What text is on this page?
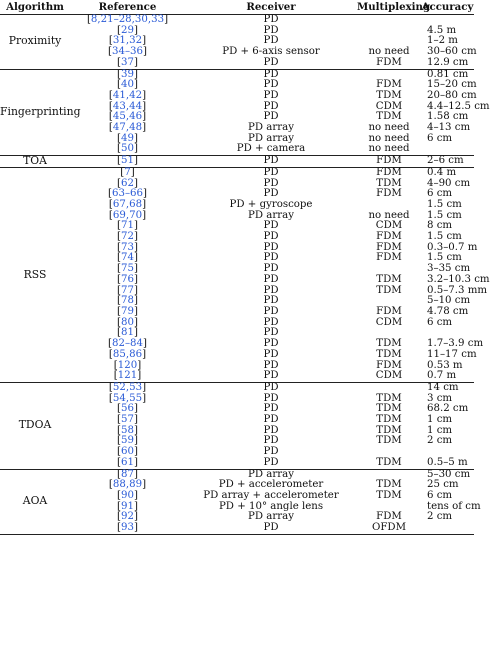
Algorithm	Reference	Receiver	Multiplexing	Accuracy
Proximity	[8,21–28,30,33]	PD		
	[29]	PD		4.5 m
	[31,32]	PD		1–2 m
	[34–36]	PD + 6-axis sensor	no need	30–60 cm
	[37]	PD	FDM	12.9 cm
Fingerprinting	[39]	PD		0.81 cm
	[40]	PD	FDM	15–20 cm
	[41,42]	PD	TDM	20–80 cm
	[43,44]	PD	CDM	4.4–12.5 cm
	[45,46]	PD	TDM	1.58 cm
	[47,48]	PD array	no need	4–13 cm
	[49]	PD array	no need	6 cm
	[50]	PD + camera	no need	
TOA	[51]	PD	FDM	2–6 cm
RSS	[7]	PD	FDM	0.4 m
	[62]	PD	TDM	4–90 cm
	[63–66]	PD	FDM	6 cm
	[67,68]	PD + gyroscope		1.5 cm
	[69,70]	PD array	no need	1.5 cm
	[71]	PD	CDM	8 cm
	[72]	PD	FDM	1.5 cm
	[73]	PD	FDM	0.3–0.7 m
	[74]	PD	FDM	1.5 cm
	[75]	PD		3–35 cm
	[76]	PD	TDM	3.2–10.3 cm
	[77]	PD	TDM	0.5–7.3 mm
	[78]	PD		5–10 cm
	[79]	PD	FDM	4.78 cm
	[80]	PD	CDM	6 cm
	[81]	PD		
	[82–84]	PD	TDM	1.7–3.9 cm
	[85,86]	PD	TDM	11–17 cm
	[120]	PD	FDM	0.53 m
	[121]	PD	CDM	0.7 m
TDOA	[52,53]	PD		14 cm
	[54,55]	PD	TDM	3 cm
	[56]	PD	TDM	68.2 cm
	[57]	PD	TDM	1 cm
	[58]	PD	TDM	1 cm
	[59]	PD	TDM	2 cm
	[60]	PD		
	[61]	PD	TDM	0.5–5 m
AOA	[87]	PD array		5–30 cm
	[88,89]	PD + accelerometer	TDM	25 cm
	[90]	PD array + accelerometer	TDM	6 cm
	[91]	PD + 10° angle lens		tens of cm
	[92]	PD array	FDM	2 cm
	[93]	PD	OFDM	
